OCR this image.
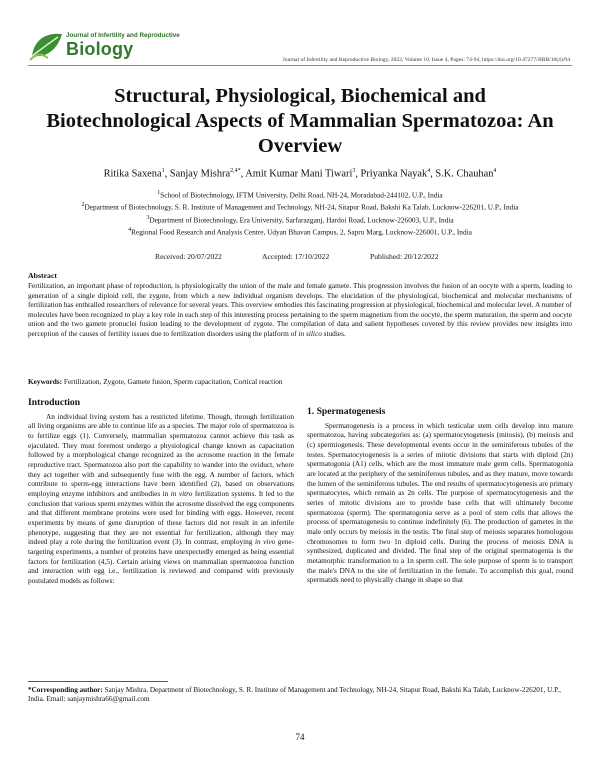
Journal of Infertility and Reproductive
Biology
Journal of Infertility and Reproductive Biology, 2022, Volume 10, Issue 4, Pages: 74-94, https://doi.org/10.47277/JIRB/10(4)/94
Structural, Physiological, Biochemical and Biotechnological Aspects of Mammalian Spermatozoa: An Overview
Ritika Saxena$^1$, Sanjay Mishra$^{2,4*}$, Amit Kumar Mani Tiwari$^3$, Priyanka Nayak$^4$, S.K. Chauhan$^4$
$^1$School of Biotechnology, IFTM University, Delhi Road, NH-24, Moradabad-244102, U.P., India
$^2$Department of Biotechnology, S. R. Institute of Management and Technology, NH-24, Sitapur Road, Bakshi Ka Talab, Lucknow-226201, U.P., India
$^3$Department of Biotechnology, Era University, Sarfarazganj, Hardoi Road, Lucknow-226003, U.P., India
$^4$Regional Food Research and Analysis Centre, Udyan Bhavan Campus, 2, Sapru Marg, Lucknow-226001, U.P., India
Received: 20/07/2022	Accepted: 17/10/2022	Published: 20/12/2022
Abstract
Fertilization, an important phase of reproduction, is physiologically the union of the male and female gamete. This progression involves the fusion of an oocyte with a sperm, leading to generation of a single diploid cell, the zygote, from which a new individual organism develops. The elucidation of the physiological, biochemical and molecular mechanisms of fertilization has enthralled researchers of relevance for several years. This overview embodies this fascinating progression at physiological, biochemical and molecular level. A number of molecules have been recognized to play a key role in each step of this interesting process pertaining to the sperm magnetism from the oocyte, the sperm maturation, the sperm and oocyte union and the two gamete pronuclei fusion leading to the development of zygote. The compilation of data and salient hypotheses covered by this review provides new insights into perception of the causes of fertility issues due to fertilization disorders using the platform of in silico studies.
Keywords: Fertilization, Zygote, Gamete fusion, Sperm capacitation, Cortical reaction
Introduction

An individual living system has a restricted lifetime. Though, through fertilization all living organisms are able to continue life as a species. The major role of spermatozoa is to fertilize eggs (1). Conversely, mammalian spermatozoa cannot achieve this task as ejaculated. They must foremost undergo a physiological change known as capacitation followed by a morphological change recognized as the acrosome reaction in the female reproductive tract. Spermatozoa also port the capability to wander into the oviduct, where they act together with and subsequently fuse with the egg. A number of factors, which contribute to sperm-egg interactions have been identified (2), based on observations employing enzyme inhibitors and antibodies in in vitro fertilization systems. It led to the conclusion that various sperm enzymes within the acrosome dissolved the egg components and that different membrane proteins were used for binding with eggs. However, recent experiments by means of gene disruption of these factors did not result in an infertile phenotype, suggesting that they are not essential for fertilization, although they may indeed play a role during the fertilization event (3). In contrast, employing in vivo gene-targeting experiments, a number of proteins have unexpectedly emerged as being essential factors for fertilization (4,5). Certain arising views on mammalian spermatozoa function and interaction with egg i.e., fertilization is reviewed and compared with previously postulated models as follows:

1. Spermatogenesis

Spermatogenesis is a process in which testicular stem cells develop into mature spermatozoa, having subcategories as: (a) spermatocytogenesis (mitosis), (b) meiosis and (c) spermiogenesis. These developmental events occur in the seminiferous tubules of the testes. Spermatocytogenesis is a series of mitotic divisions that starts with diploid (2n) spermatogonia (A1) cells, which are the most immature male germ cells. Spermatogonia are located at the periphery of the seminiferous tubules, and as they mature, move towards the lumen of the seminiferous tubules. The end results of spermatocytogenesis are primary spermatocytes, which remain as 2n cells. The purpose of spermatocytogenesis and the series of mitotic divisions are to provide base cells that will ultimately become spermatozoa (sperm). The spermatogonia serve as a pool of stem cells that allows the process of spermatogenesis to continue indefinitely (6). The production of gametes in the male only occurs by meiosis in the testis. The final step of meiosis separates homologous chromosomes to form two 1n diploid cells. During the process of meiosis DNA is synthesized, duplicated and divided. The final step of the original spermatogenia is the metamorphic transformation to a 1n sperm cell. The sole purpose of sperm is to transport the male's DNA to the site of fertilization in the female. To accomplish this goal, round spermatids need to physically change in shape so that

*Corresponding author: Sanjay Mishra, Department of Biotechnology, S. R. Institute of Management and Technology, NH-24, Sitapur Road, Bakshi Ka Talab, Lucknow-226201, U.P., India. Email: sanjaymishra66@gmail.com
74
